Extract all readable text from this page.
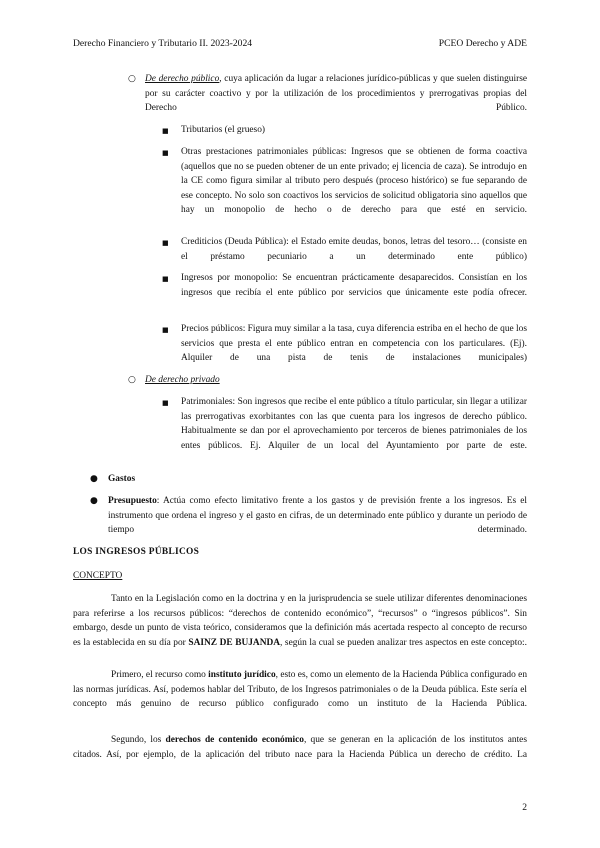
Derecho Financiero y Tributario II. 2023-2024	PCEO Derecho y ADE
○ De derecho público, cuya aplicación da lugar a relaciones jurídico-públicas y que suelen distinguirse por su carácter coactivo y por la utilización de los procedimientos y prerrogativas propias del Derecho Público.
■ Tributarios (el grueso)
■ Otras prestaciones patrimoniales públicas: Ingresos que se obtienen de forma coactiva (aquellos que no se pueden obtener de un ente privado; ej licencia de caza). Se introdujo en la CE como figura similar al tributo pero después (proceso histórico) se fue separando de ese concepto. No solo son coactivos los servicios de solicitud obligatoria sino aquellos que hay un monopolio de hecho o de derecho para que esté en servicio.
■ Crediticios (Deuda Pública): el Estado emite deudas, bonos, letras del tesoro… (consiste en el préstamo pecuniario a un determinado ente público)
■ Ingresos por monopolio: Se encuentran prácticamente desaparecidos. Consistían en los ingresos que recibía el ente público por servicios que únicamente este podía ofrecer.
■ Precios públicos: Figura muy similar a la tasa, cuya diferencia estriba en el hecho de que los servicios que presta el ente público entran en competencia con los particulares. (Ej). Alquiler de una pista de tenis de instalaciones municipales)
○ De derecho privado
■ Patrimoniales: Son ingresos que recibe el ente público a título particular, sin llegar a utilizar las prerrogativas exorbitantes con las que cuenta para los ingresos de derecho público. Habitualmente se dan por el aprovechamiento por terceros de bienes patrimoniales de los entes públicos. Ej. Alquiler de un local del Ayuntamiento por parte de este.
● Gastos
● Presupuesto: Actúa como efecto limitativo frente a los gastos y de previsión frente a los ingresos. Es el instrumento que ordena el ingreso y el gasto en cifras, de un determinado ente público y durante un periodo de tiempo determinado.
LOS INGRESOS PÚBLICOS
CONCEPTO
Tanto en la Legislación como en la doctrina y en la jurisprudencia se suele utilizar diferentes denominaciones para referirse a los recursos públicos: “derechos de contenido económico”, “recursos” o “ingresos públicos”. Sin embargo, desde un punto de vista teórico, consideramos que la definición más acertada respecto al concepto de recurso es la establecida en su día por SAINZ DE BUJANDA, según la cual se pueden analizar tres aspectos en este concepto:.
Primero, el recurso como instituto jurídico, esto es, como un elemento de la Hacienda Pública configurado en las normas jurídicas. Así, podemos hablar del Tributo, de los Ingresos patrimoniales o de la Deuda pública. Este sería el concepto más genuino de recurso público configurado como un instituto de la Hacienda Pública.
Segundo, los derechos de contenido económico, que se generan en la aplicación de los institutos antes citados. Así, por ejemplo, de la aplicación del tributo nace para la Hacienda Pública un derecho de crédito. La
2
